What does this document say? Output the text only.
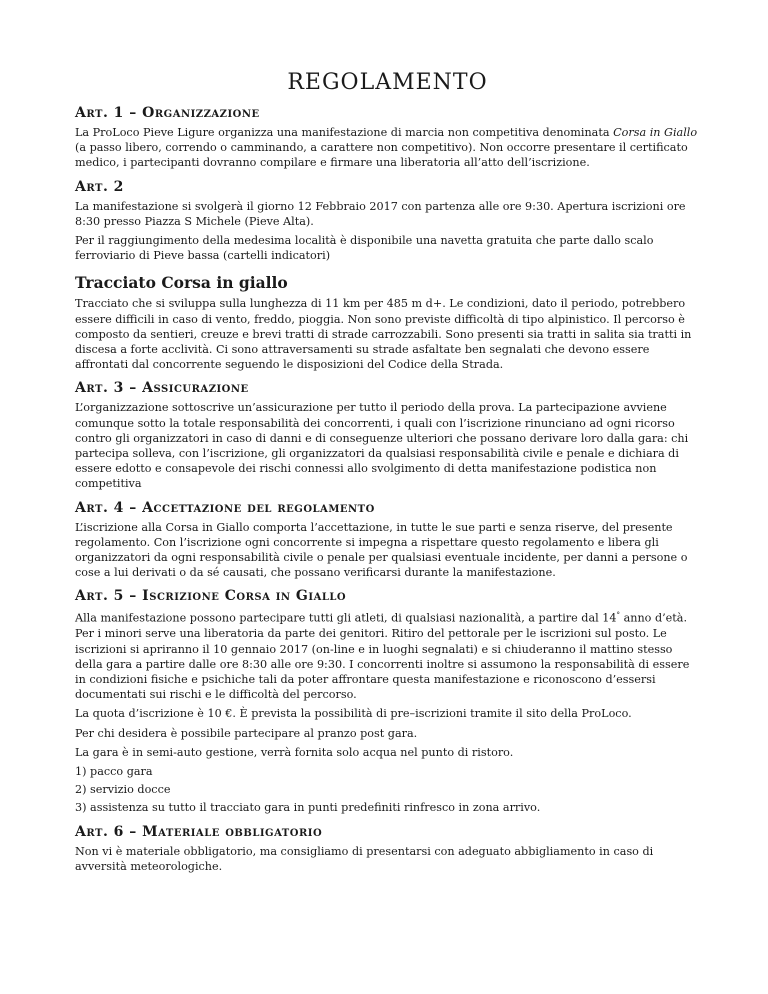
REGOLAMENTO
Art. 1 – Organizzazione

La ProLoco Pieve Ligure organizza una manifestazione di marcia non competitiva denominata Corsa in Giallo (a passo libero, correndo o camminando, a carattere non competitivo). Non occorre presentare il certificato medico, i partecipanti dovranno compilare e firmare una liberatoria all’atto dell’iscrizione.

Art. 2

La manifestazione si svolgerà il giorno 12 Febbraio 2017 con partenza alle ore 9:30. Apertura iscrizioni ore 8:30 presso Piazza S Michele (Pieve Alta).

Per il raggiungimento della medesima località è disponibile una navetta gratuita che parte dallo scalo ferroviario di Pieve bassa (cartelli indicatori)

Tracciato Corsa in giallo

Tracciato che si sviluppa sulla lunghezza di 11 km per 485 m d+. Le condizioni, dato il periodo, potrebbero essere difficili in caso di vento, freddo, pioggia. Non sono previste difficoltà di tipo alpinistico. Il percorso è composto da sentieri, creuze e brevi tratti di strade carrozzabili. Sono presenti sia tratti in salita sia tratti in discesa a forte acclività. Ci sono attraversamenti su strade asfaltate ben segnalati che devono essere affrontati dal concorrente seguendo le disposizioni del Codice della Strada.

Art. 3 – Assicurazione

L’organizzazione sottoscrive un’assicurazione per tutto il periodo della prova. La partecipazione avviene comunque sotto la totale responsabilità dei concorrenti, i quali con l’iscrizione rinunciano ad ogni ricorso contro gli organizzatori in caso di danni e di conseguenze ulteriori che possano derivare loro dalla gara: chi partecipa solleva, con l’iscrizione, gli organizzatori da qualsiasi responsabilità civile e penale e dichiara di essere edotto e consapevole dei rischi connessi allo svolgimento di detta manifestazione podistica non competitiva

Art. 4 – Accettazione del regolamento

L’iscrizione alla Corsa in Giallo comporta l’accettazione, in tutte le sue parti e senza riserve, del presente regolamento. Con l’iscrizione ogni concorrente si impegna a rispettare questo regolamento e libera gli organizzatori da ogni responsabilità civile o penale per qualsiasi eventuale incidente, per danni a persone o cose a lui derivati o da sé causati, che possano verificarsi durante la manifestazione.

Art. 5 – Iscrizione Corsa in Giallo

Alla manifestazione possono partecipare tutti gli atleti, di qualsiasi nazionalità, a partire dal 14° anno d’età. Per i minori serve una liberatoria da parte dei genitori. Ritiro del pettorale per le iscrizioni sul posto. Le iscrizioni si apriranno il 10 gennaio 2017 (on-line e in luoghi segnalati) e si chiuderanno il mattino stesso della gara a partire dalle ore 8:30 alle ore 9:30. I concorrenti inoltre si assumono la responsabilità di essere in condizioni fisiche e psichiche tali da poter affrontare questa manifestazione e riconoscono d’essersi documentati sui rischi e le difficoltà del percorso.

La quota d’iscrizione è 10 €. È prevista la possibilità di pre–iscrizioni tramite il sito della ProLoco.

Per chi desidera è possibile partecipare al pranzo post gara.

La gara è in semi-auto gestione, verrà fornita solo acqua nel punto di ristoro.

1) pacco gara

2) servizio docce

3) assistenza su tutto il tracciato gara in punti predefiniti rinfresco in zona arrivo.

Art. 6 – Materiale obbligatorio

Non vi è materiale obbligatorio, ma consigliamo di presentarsi con adeguato abbigliamento in caso di avversità meteorologiche.
